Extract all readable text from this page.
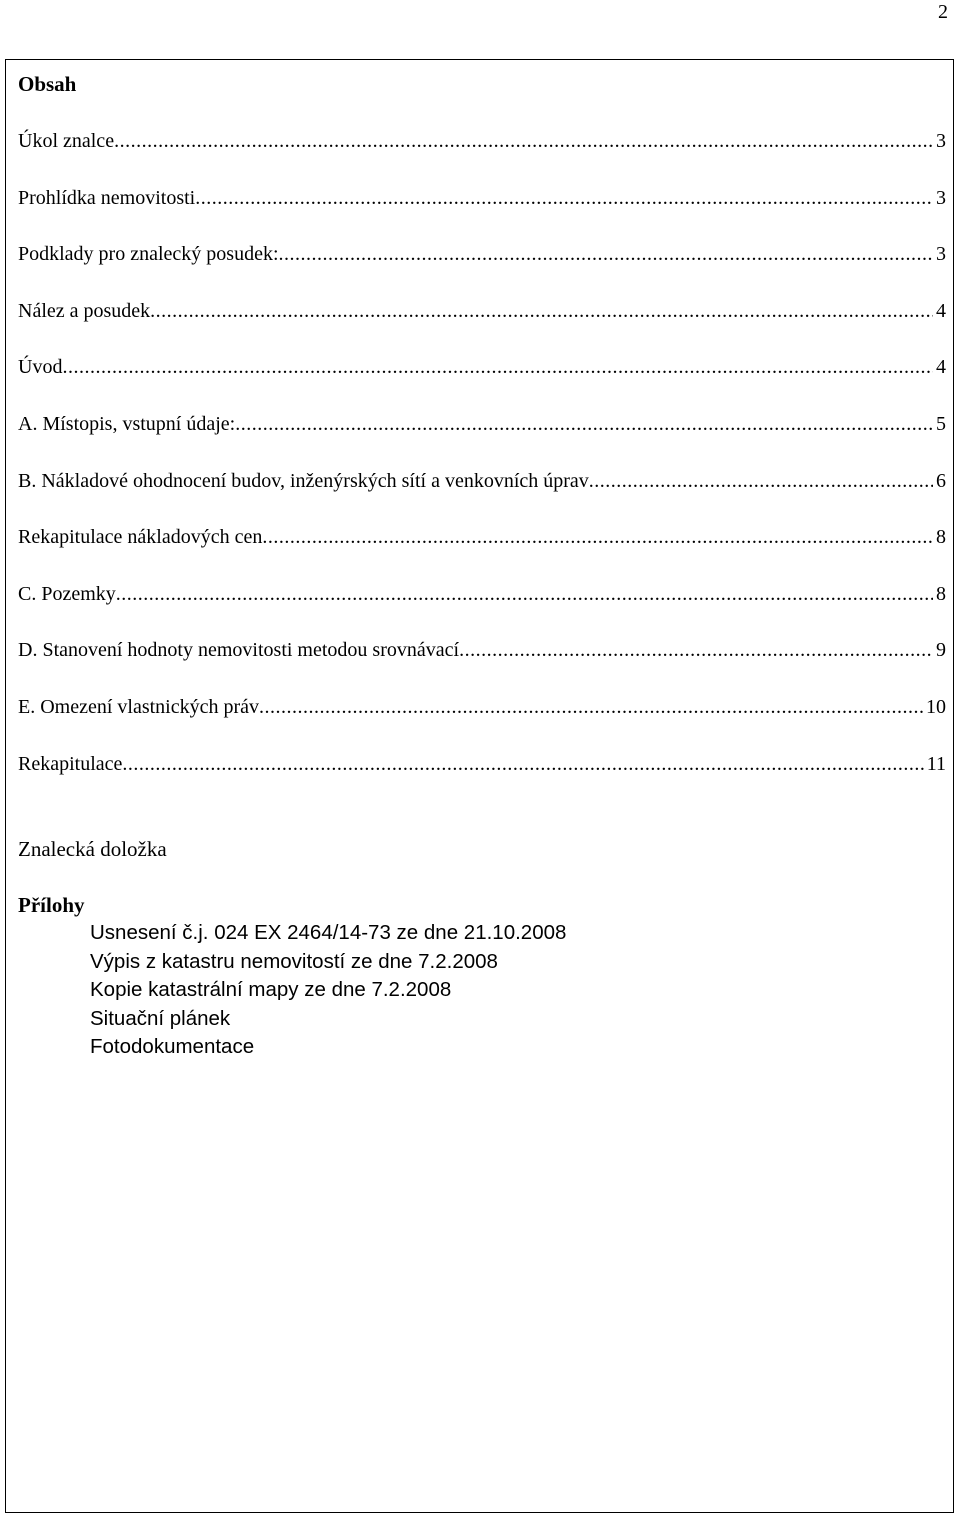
2
Obsah
Úkol znalce .....	3
Prohlídka nemovitosti .....	3
Podklady pro znalecký posudek: .....	3
Nález a posudek .....	4
Úvod .....	4
A. Místopis, vstupní údaje: .....	5
B. Nákladové ohodnocení budov, inženýrských sítí a venkovních úprav .....	6
Rekapitulace nákladových cen .....	8
C. Pozemky .....	8
D. Stanovení hodnoty nemovitosti metodou srovnávací .....	9
E. Omezení vlastnických práv .....	10
Rekapitulace .....	11
Znalecká doložka
Přílohy
Usnesení č.j. 024 EX 2464/14-73 ze dne 21.10.2008
Výpis z katastru nemovitostí ze dne 7.2.2008
Kopie katastrální mapy ze dne 7.2.2008
Situační plánek
Fotodokumentace
